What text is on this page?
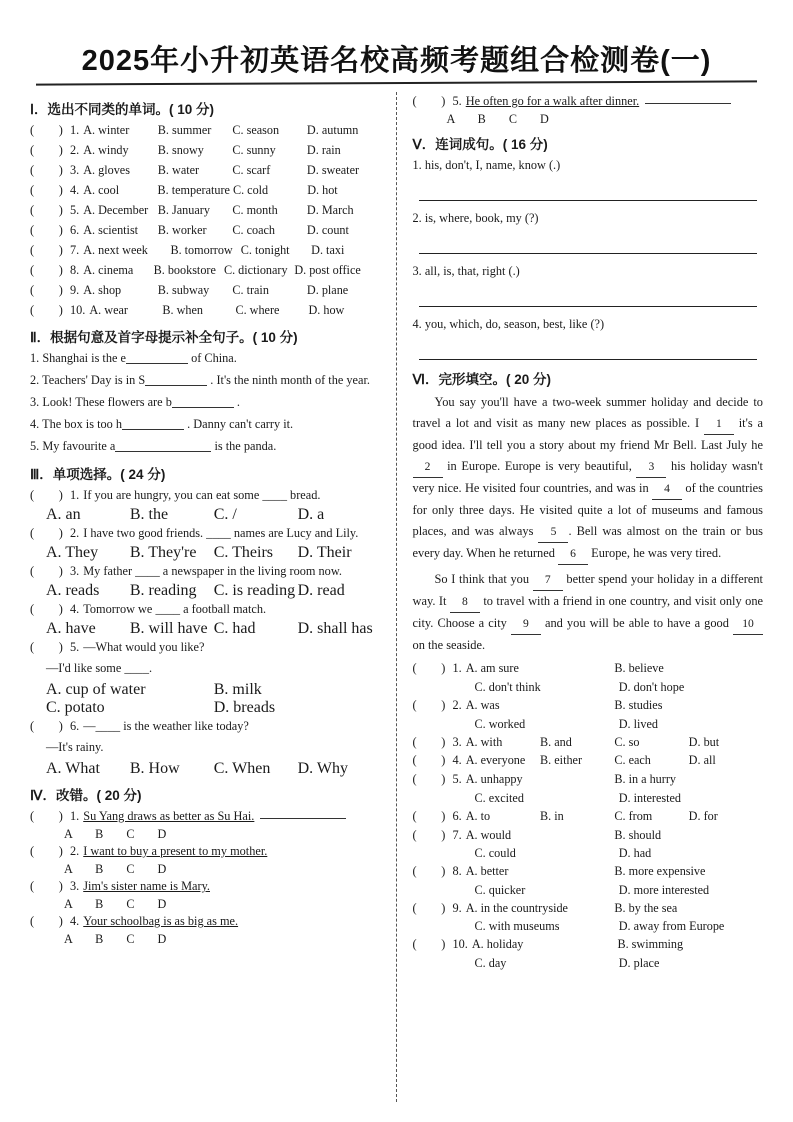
2025年小升初英语名校高频考题组合检测卷(一)
Ⅰ．选出不同类的单词。( 10 分)
(　　) 1. A. winter	B. summer	C. season	D. autumn
(　　) 2. A. windy	B. snowy	C. sunny	D. rain
(　　) 3. A. gloves	B. water	C. scarf	D. sweater
(　　) 4. A. cool	B. temperature C. cold	D. hot
(　　) 5. A. December B. January	C. month	D. March
(　　) 6. A. scientist	B. worker	C. coach	D. count
(　　) 7. A. next week	B. tomorrow C. tonight	D. taxi
(　　) 8. A. cinema	B. bookstore C. dictionary D. post office
(　　) 9. A. shop	B. subway	C. train	D. plane
(　　) 10. A. wear	B. when	C. where	D. how
Ⅱ．根据句意及首字母提示补全句子。( 10 分)
1. Shanghai is the e	of China.
2. Teachers' Day is in S	. It's the ninth month of the year.
3. Look! These flowers are b	.
4. The box is too h	. Danny can't carry it.
5. My favourite a	is the panda.
Ⅲ．单项选择。( 24 分)
(　　) 1. If you are hungry, you can eat some ____ bread.
A. an	B. the	C. /	D. a
(　　) 2. I have two good friends. ____ names are Lucy and Lily.
A. They	B. They're	C. Theirs	D. Their
(　　) 3. My father ____ a newspaper in the living room now.
A. reads	B. reading	C. is reading D. read
(　　) 4. Tomorrow we ____ a football match.
A. have	B. will have C. had	D. shall has
(　　) 5. —What would you like?
—I'd like some ____.
A. cup of water	B. milk
C. potato	D. breads
(　　) 6. —____ is the weather like today?
—It's rainy.
A. What	B. How	C. When	D. Why
Ⅳ．改错。( 20 分)
(　　) 1. Su Yang draws as better as Su Hai.
A B C D
(　　) 2. I want to buy a present to my mother.
A B C D
(　　) 3. Jim's sister name is Mary.
A B C D
(　　) 4. Your schoolbag is as big as me.
A B C D
(　　) 5. He often go for a walk after dinner.
A B C D
Ⅴ．连词成句。( 16 分)
1. his, don't, I, name, know (.)
2. is, where, book, my (?)
3. all, is, that, right (.)
4. you, which, do, season, best, like (?)
Ⅵ．完形填空。( 20 分)
You say you'll have a two-week summer holiday and decide to travel a lot and visit as many new places as possible. I 1 it's a good idea. I'll tell you a story about my friend Mr Bell. Last July he 2 in Europe. Europe is very beautiful, 3 his holiday wasn't very nice. He visited four countries, and was in 4 of the countries for only three days. He visited quite a lot of museums and famous places, and was always 5 . Bell was almost on the train or bus every day. When he returned 6 Europe, he was very tired.
So I think that you 7 better spend your holiday in a different way. It 8 to travel with a friend in one country, and visit only one city. Choose a city 9 and you will be able to have a good 10 on the seaside.
(　　) 1. A. am sure	B. believe
C. don't think	D. don't hope
(　　) 2. A. was	B. studies
C. worked	D. lived
(　　) 3. A. with	B. and	C. so	D. but
(　　) 4. A. everyone	B. either	C. each	D. all
(　　) 5. A. unhappy	B. in a hurry
C. excited	D. interested
(　　) 6. A. to	B. in	C. from	D. for
(　　) 7. A. would	B. should
C. could	D. had
(　　) 8. A. better	B. more expensive
C. quicker	D. more interested
(　　) 9. A. in the countryside	B. by the sea
C. with museums	D. away from Europe
(　　) 10. A. holiday	B. swimming
C. day	D. place
